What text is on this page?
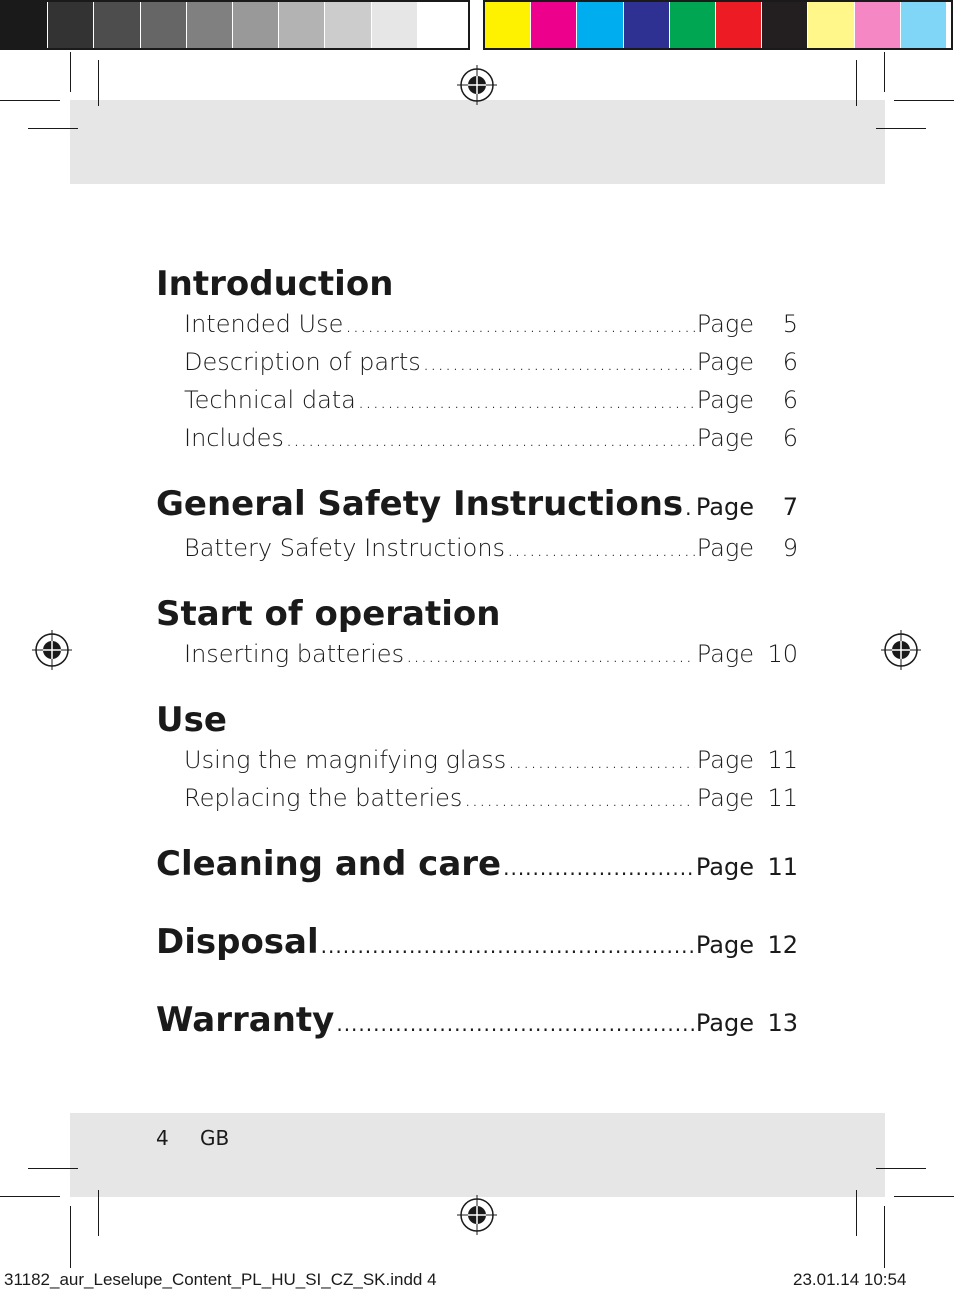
Introduction
Intended Use .....	Page	5
Description of parts .....	Page	6
Technical data .....	Page	6
Includes .....	Page	6
General Safety Instructions ..... Page	7
Battery Safety Instructions .....	Page	9
Start of operation
Inserting batteries .....	Page 10
Use
Using the magnifying glass .....	Page 11
Replacing the batteries .....	Page 11
Cleaning and care .....	Page 11
Disposal .....	Page 12
Warranty .....	Page 13
4 GB
31182_aur_Leselupe_Content_PL_HU_SI_CZ_SK.indd 4	23.01.14 10:54
